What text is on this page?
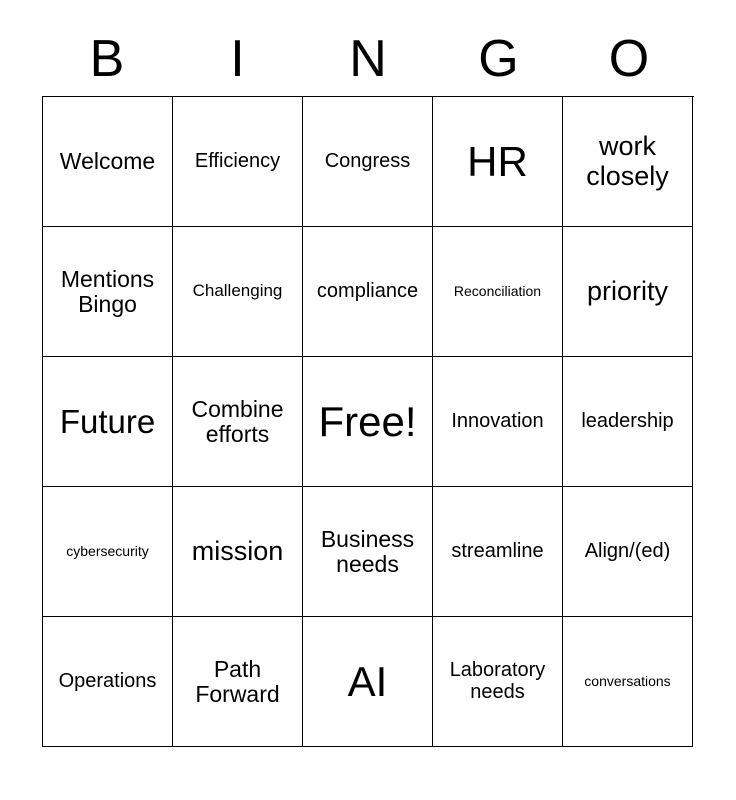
B	I	N	G	O
Welcome	Efficiency	Congress	HR	work closely
Mentions Bingo	Challenging	compliance	Reconciliation	priority
Future	Combine efforts	Free!	Innovation	leadership
cybersecurity	mission	Business needs	streamline	Align/(ed)
Operations	Path Forward	AI	Laboratory needs	conversations
